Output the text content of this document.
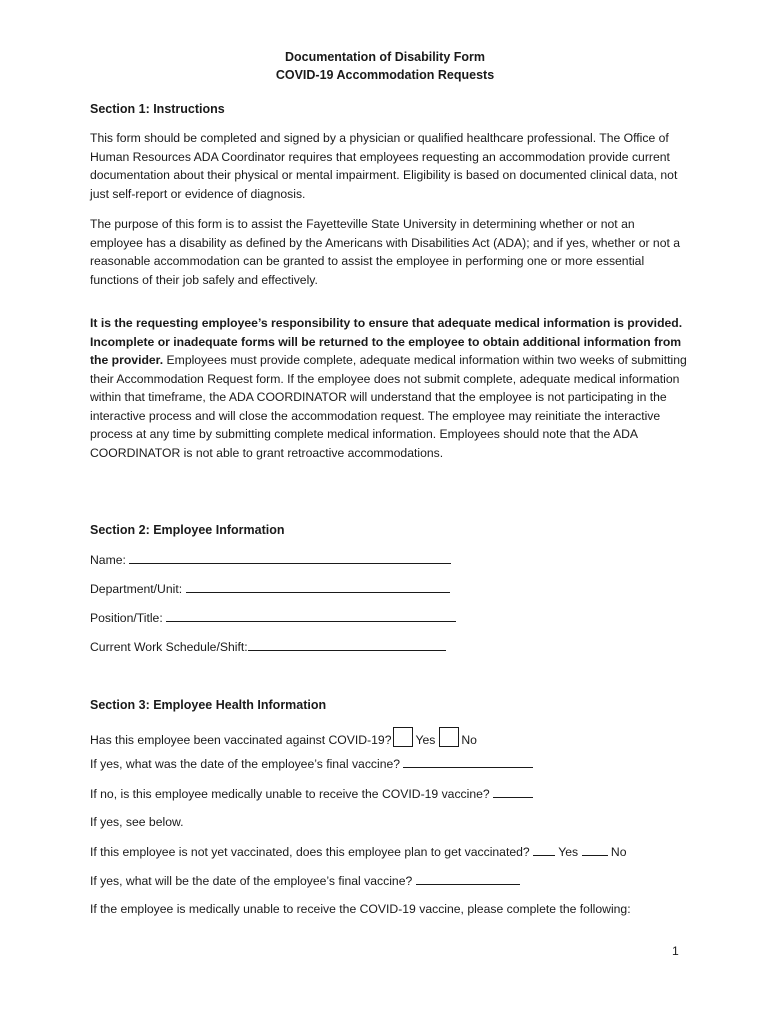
Documentation of Disability Form
COVID-19 Accommodation Requests
Section 1: Instructions

This form should be completed and signed by a physician or qualified healthcare professional. The Office of Human Resources ADA Coordinator requires that employees requesting an accommodation provide current documentation about their physical or mental impairment. Eligibility is based on documented clinical data, not just self-report or evidence of diagnosis.

The purpose of this form is to assist the Fayetteville State University in determining whether or not an employee has a disability as defined by the Americans with Disabilities Act (ADA); and if yes, whether or not a reasonable accommodation can be granted to assist the employee in performing one or more essential functions of their job safely and effectively.

It is the requesting employee’s responsibility to ensure that adequate medical information is provided. Incomplete or inadequate forms will be returned to the employee to obtain additional information from the provider. Employees must provide complete, adequate medical information within two weeks of submitting their Accommodation Request form. If the employee does not submit complete, adequate medical information within that timeframe, the ADA COORDINATOR will understand that the employee is not participating in the interactive process and will close the accommodation request. The employee may reinitiate the interactive process at any time by submitting complete medical information. Employees should note that the ADA COORDINATOR is not able to grant retroactive accommodations.

Section 2: Employee Information
Name:
Department/Unit:
Position/Title:
Current Work Schedule/Shift:
Section 3: Employee Health Information
Has this employee been vaccinated against COVID-19? Yes No
If yes, what was the date of the employee’s final vaccine?
If no, is this employee medically unable to receive the COVID-19 vaccine?
If yes, see below.
If this employee is not yet vaccinated, does this employee plan to get vaccinated?  Yes	No
If yes, what will be the date of the employee’s final vaccine?
If the employee is medically unable to receive the COVID-19 vaccine, please complete the following:
1
